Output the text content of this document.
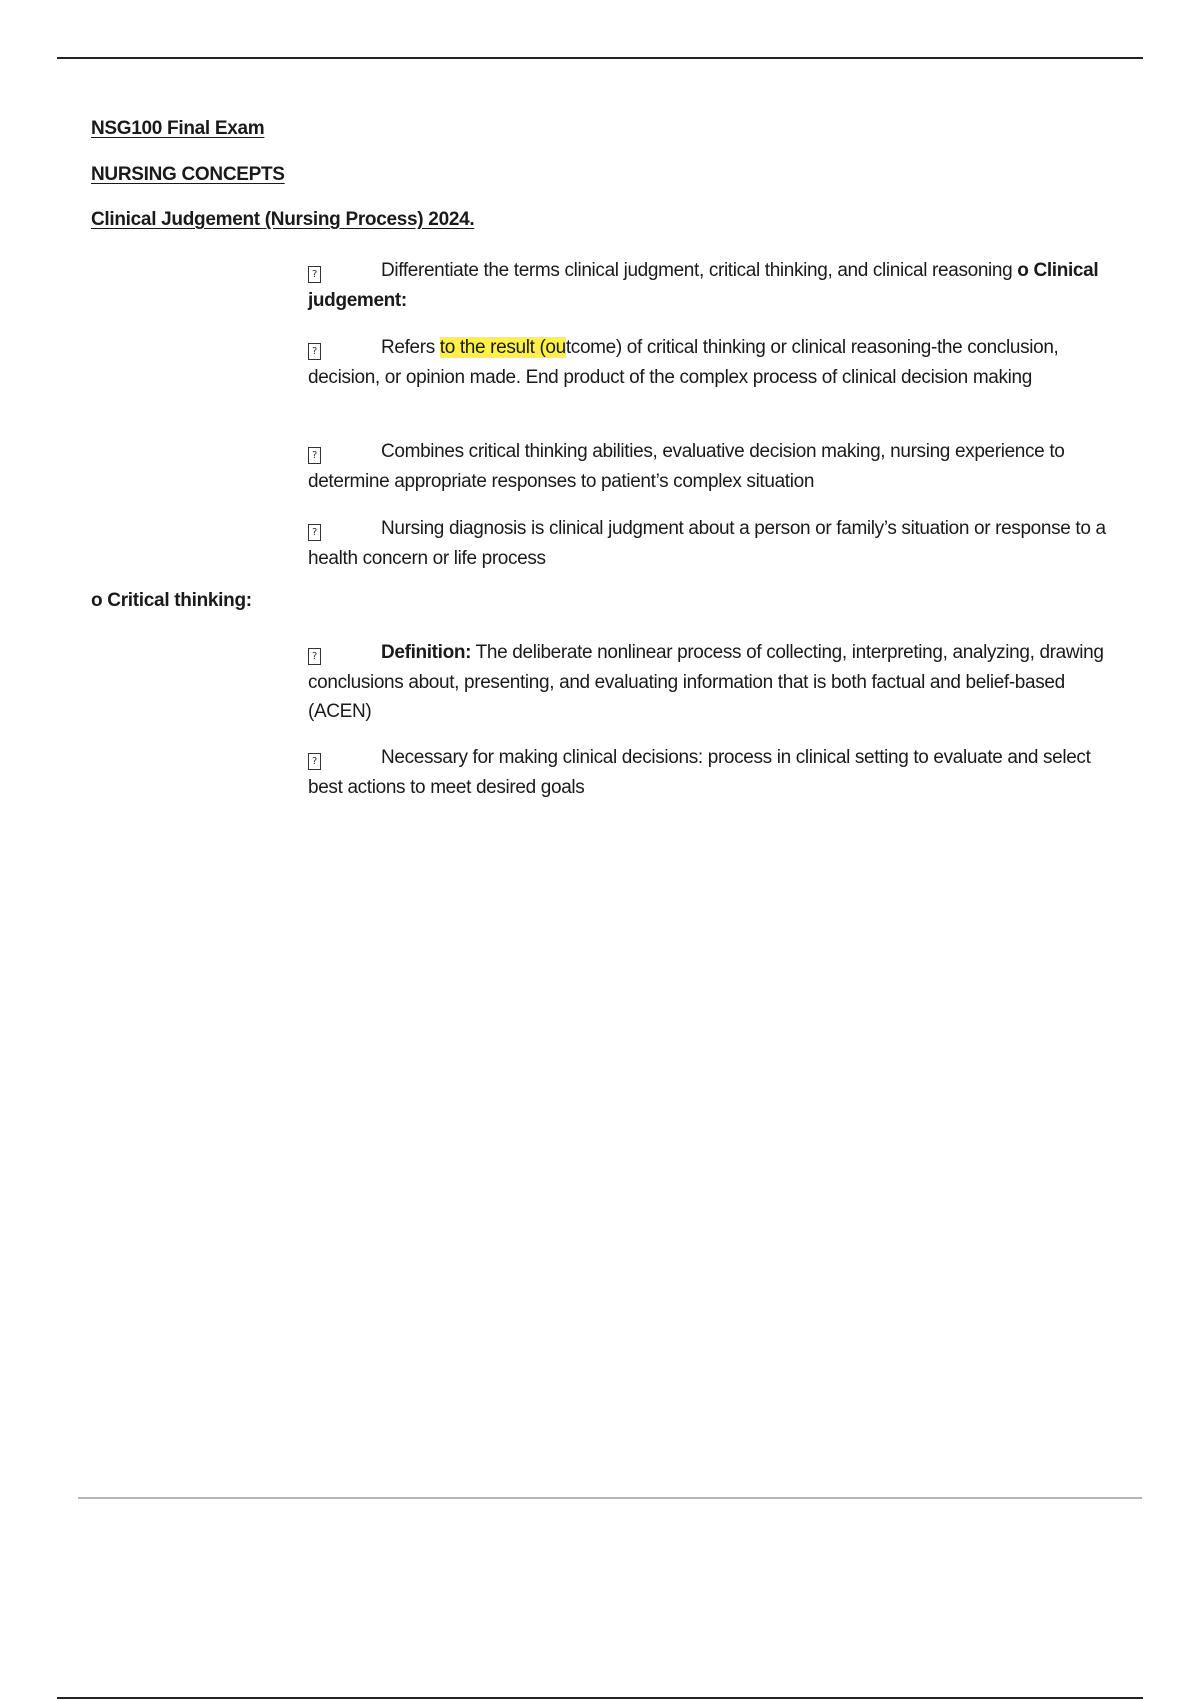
NSG100 Final Exam

NURSING CONCEPTS

Clinical Judgement (Nursing Process) 2024.

?	Differentiate the terms clinical judgment, critical thinking, and clinical reasoning o Clinical judgement:

?	Refers to the result (outcome) of critical thinking or clinical reasoning-the conclusion, decision, or opinion made. End product of the complex process of clinical decision making

?	Combines critical thinking abilities, evaluative decision making, nursing experience to determine appropriate responses to patient’s complex situation

?	Nursing diagnosis is clinical judgment about a person or family’s situation or response to a health concern or life process

o Critical thinking:

?	Definition: The deliberate nonlinear process of collecting, interpreting, analyzing, drawing conclusions about, presenting, and evaluating information that is both factual and belief-based (ACEN)

?	Necessary for making clinical decisions: process in clinical setting to evaluate and select best actions to meet desired goals
